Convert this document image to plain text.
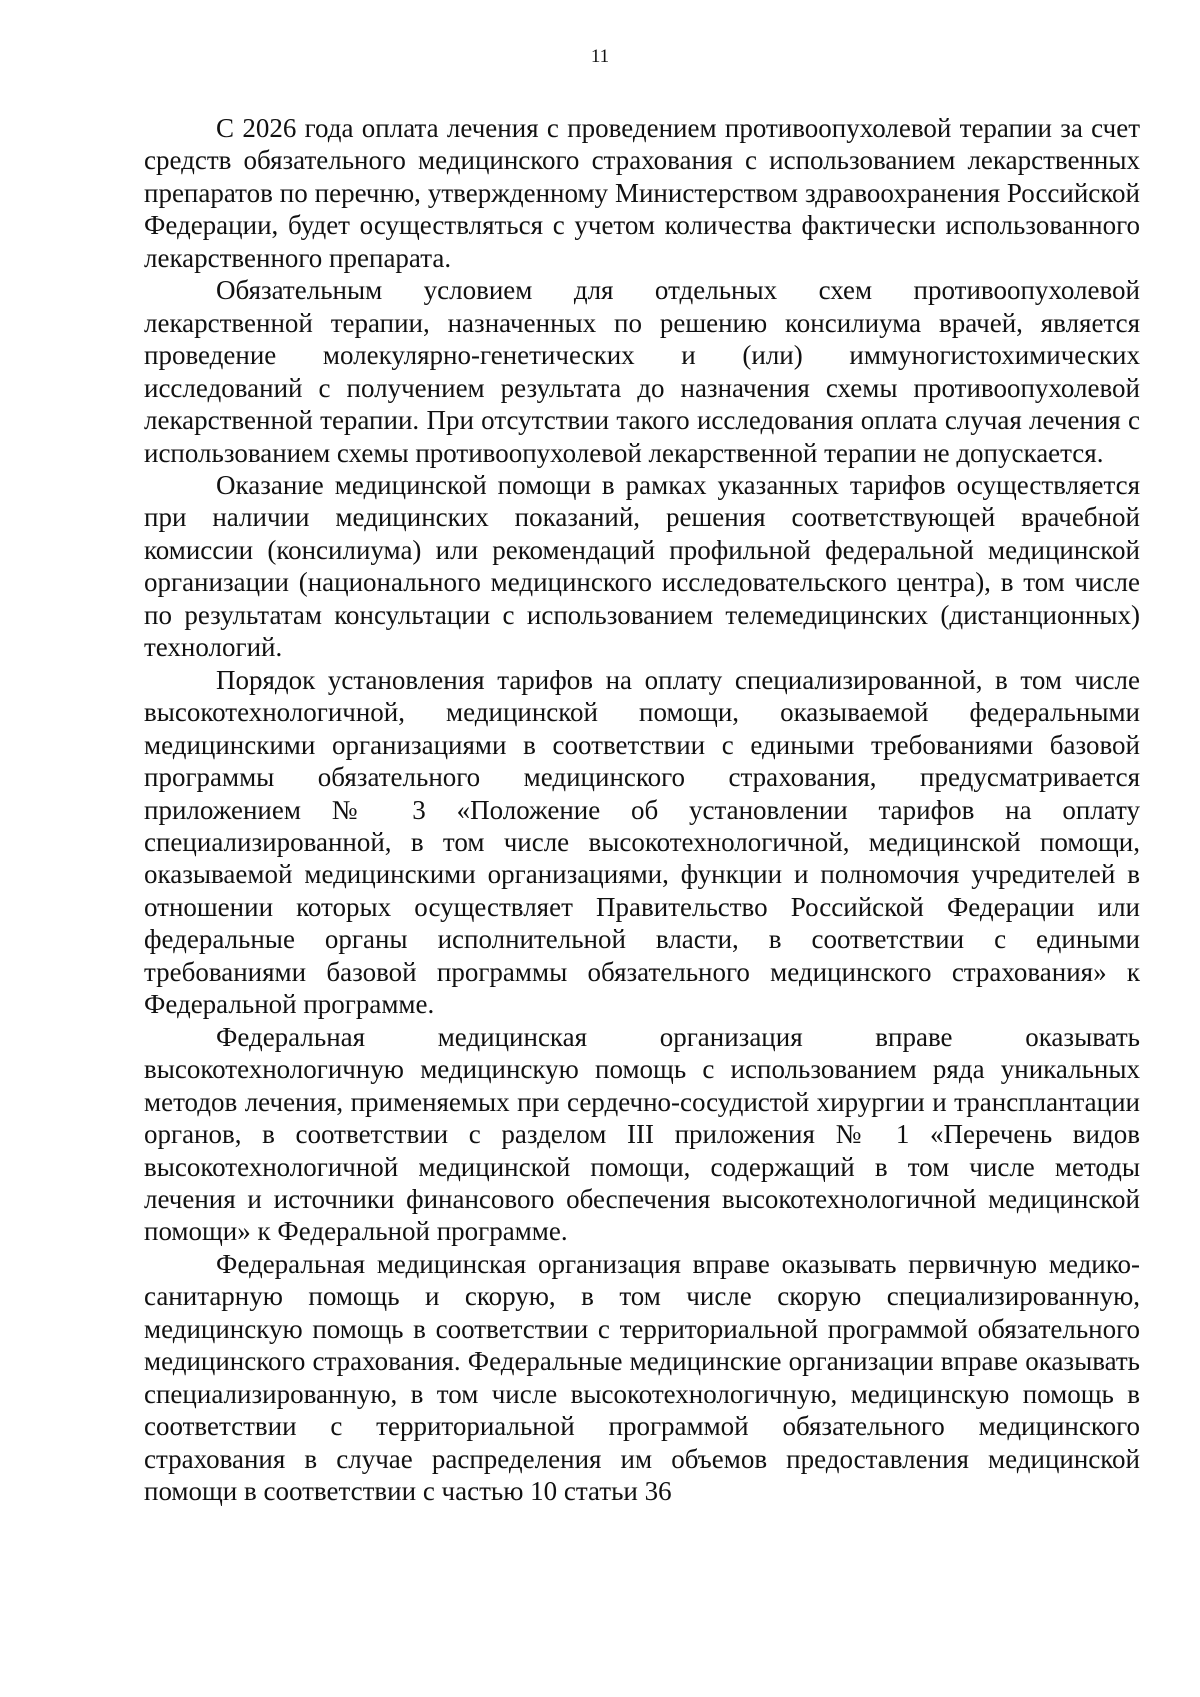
11

С 2026 года оплата лечения с проведением противоопухолевой терапии за счет средств обязательного медицинского страхования с использованием лекарственных препаратов по перечню, утвержденному Министерством здравоохранения Российской Федерации, будет осуществляться с учетом количества фактически использованного лекарственного препарата.

Обязательным условием для отдельных схем противоопухолевой лекарственной терапии, назначенных по решению консилиума врачей, является проведение молекулярно-генетических и (или) иммуногистохимических исследований с получением результата до назначения схемы противоопухолевой лекарственной терапии. При отсутствии такого исследования оплата случая лечения с использованием схемы противоопухолевой лекарственной терапии не допускается.

Оказание медицинской помощи в рамках указанных тарифов осуществляется при наличии медицинских показаний, решения соответствующей врачебной комиссии (консилиума) или рекомендаций профильной федеральной медицинской организации (национального медицинского исследовательского центра), в том числе по результатам консультации с использованием телемедицинских (дистанционных) технологий.

Порядок установления тарифов на оплату специализированной, в том числе высокотехнологичной, медицинской помощи, оказываемой федеральными медицинскими организациями в соответствии с едиными требованиями базовой программы обязательного медицинского страхования, предусматривается приложением № 3 «Положение об установлении тарифов на оплату специализированной, в том числе высокотехнологичной, медицинской помощи, оказываемой медицинскими организациями, функции и полномочия учредителей в отношении которых осуществляет Правительство Российской Федерации или федеральные органы исполнительной власти, в соответствии с едиными требованиями базовой программы обязательного медицинского страхования» к Федеральной программе.

Федеральная медицинская организация вправе оказывать высокотехнологичную медицинскую помощь с использованием ряда уникальных методов лечения, применяемых при сердечно-сосудистой хирургии и трансплантации органов, в соответствии с разделом III приложения № 1 «Перечень видов высокотехнологичной медицинской помощи, содержащий в том числе методы лечения и источники финансового обеспечения высокотехнологичной медицинской помощи» к Федеральной программе.

Федеральная медицинская организация вправе оказывать первичную медико-санитарную помощь и скорую, в том числе скорую специализированную, медицинскую помощь в соответствии с территориальной программой обязательного медицинского страхования. Федеральные медицинские организации вправе оказывать специализированную, в том числе высокотехнологичную, медицинскую помощь в соответствии с территориальной программой обязательного медицинского страхования в случае распределения им объемов предоставления медицинской помощи в соответствии с частью 10 статьи 36
